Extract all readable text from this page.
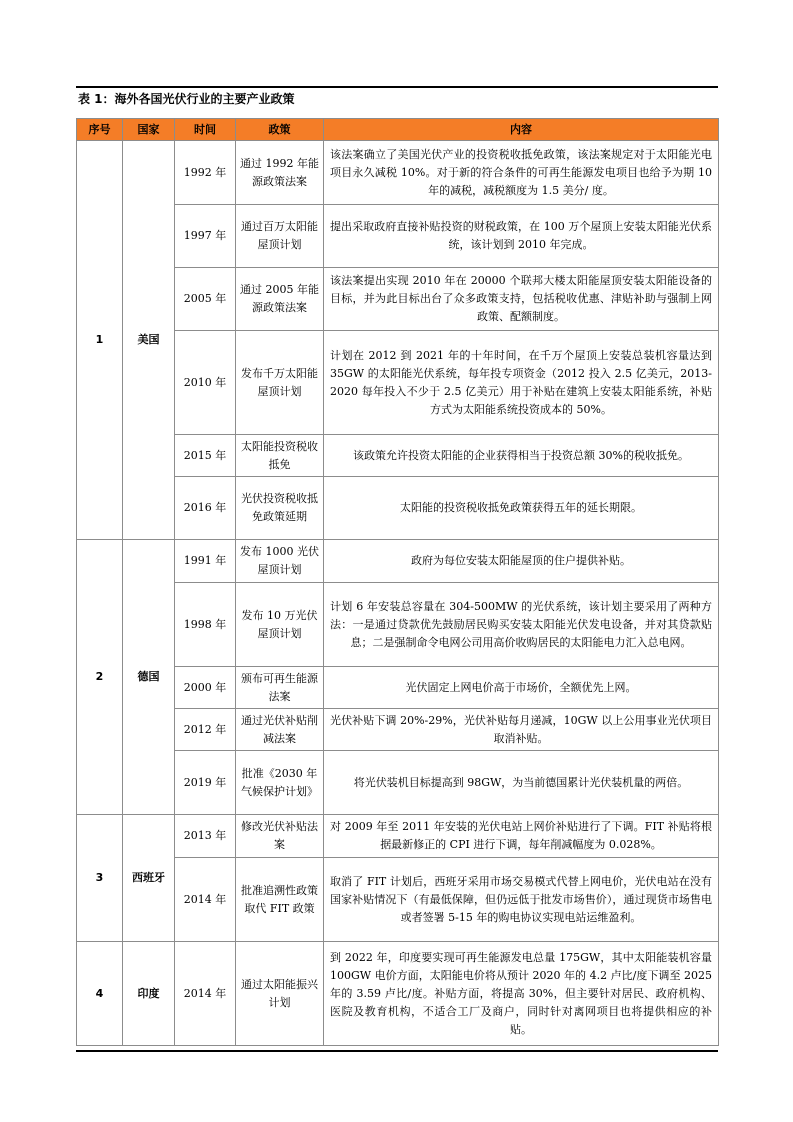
表 1：海外各国光伏行业的主要产业政策
序号	国家	时间	政策	内容
1	美国	1992 年	通过 1992 年能源政策法案	该法案确立了美国光伏产业的投资税收抵免政策，该法案规定对于太阳能光电项目永久减税 10%。对于新的符合条件的可再生能源发电项目也给予为期 10 年的减税，减税额度为 1.5 美分/ 度。
		1997 年	通过百万太阳能屋顶计划	提出采取政府直接补贴投资的财税政策，在 100 万个屋顶上安装太阳能光伏系统，该计划到 2010 年完成。
		2005 年	通过 2005 年能源政策法案	该法案提出实现 2010 年在 20000 个联邦大楼太阳能屋顶安装太阳能设备的目标，并为此目标出台了众多政策支持，包括税收优惠、津贴补助与强制上网政策、配额制度。
		2010 年	发布千万太阳能屋顶计划	计划在 2012 到 2021 年的十年时间，在千万个屋顶上安装总装机容量达到 35GW 的太阳能光伏系统，每年投专项资金（2012 投入 2.5 亿美元，2013-2020 每年投入不少于 2.5 亿美元）用于补贴在建筑上安装太阳能系统，补贴方式为太阳能系统投资成本的 50%。
		2015 年	太阳能投资税收抵免	该政策允许投资太阳能的企业获得相当于投资总额 30%的税收抵免。
		2016 年	光伏投资税收抵免政策延期	太阳能的投资税收抵免政策获得五年的延长期限。
2	德国	1991 年	发布 1000 光伏屋顶计划	政府为每位安装太阳能屋顶的住户提供补贴。
		1998 年	发布 10 万光伏屋顶计划	计划 6 年安装总容量在 304-500MW 的光伏系统，该计划主要采用了两种方法：一是通过贷款优先鼓励居民购买安装太阳能光伏发电设备，并对其贷款贴息；二是强制命令电网公司用高价收购居民的太阳能电力汇入总电网。
		2000 年	颁布可再生能源法案	光伏固定上网电价高于市场价，全额优先上网。
		2012 年	通过光伏补贴削减法案	光伏补贴下调 20%-29%，光伏补贴每月递减，10GW 以上公用事业光伏项目取消补贴。
		2019 年	批准《2030 年气候保护计划》	将光伏装机目标提高到 98GW，为当前德国累计光伏装机量的两倍。
3	西班牙	2013 年	修改光伏补贴法案	对 2009 年至 2011 年安装的光伏电站上网价补贴进行了下调。FIT 补贴将根据最新修正的 CPI 进行下调，每年削减幅度为 0.028%。
		2014 年	批准追溯性政策取代 FIT 政策	取消了 FIT 计划后，西班牙采用市场交易模式代替上网电价，光伏电站在没有国家补贴情况下（有最低保障，但仍远低于批发市场售价），通过现货市场售电或者签署 5-15 年的购电协议实现电站运维盈利。
4	印度	2014 年	通过太阳能振兴计划	到 2022 年，印度要实现可再生能源发电总量 175GW，其中太阳能装机容量 100GW 电价方面，太阳能电价将从预计 2020 年的 4.2 卢比/度下调至 2025 年的 3.59 卢比/度。补贴方面，将提高 30%，但主要针对居民、政府机构、医院及教育机构，不适合工厂及商户，同时针对离网项目也将提供相应的补贴。
